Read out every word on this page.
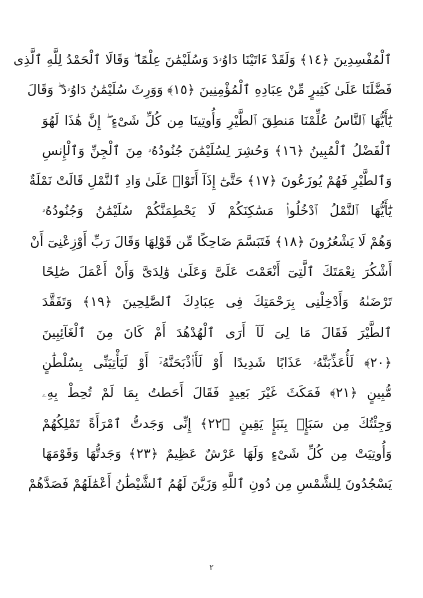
ٱلْمُفْسِدِينَ ﴿١٤﴾ وَلَقَدْ ءَاتَيْنَا دَاوُۥدَ وَسُلَيْمَٰنَ عِلْمًا ۖ وَقَالَا ٱلْحَمْدُ لِلَّهِ ٱلَّذِى
فَضَّلَنَا عَلَىٰ كَثِيرٍ مِّنْ عِبَادِهِ ٱلْمُؤْمِنِينَ ﴿١٥﴾ وَوَرِثَ سُلَيْمَٰنُ دَاوُۥدَ ۖ وَقَالَ
يَٰٓأَيُّهَا ٱلنَّاسُ عُلِّمْنَا مَنطِقَ ٱلطَّيْرِ وَأُوتِينَا مِن كُلِّ شَىْءٍ ۖ إِنَّ هَٰذَا لَهُوَ
ٱلْفَضْلُ ٱلْمُبِينُ ﴿١٦﴾ وَحُشِرَ لِسُلَيْمَٰنَ جُنُودُهُۥ مِنَ ٱلْجِنِّ وَٱلْإِنسِ
وَٱلطَّيْرِ فَهُمْ يُوزَعُونَ ﴿١٧﴾ حَتَّىٰٓ إِذَآ أَتَوْا۟ عَلَىٰ وَادِ ٱلنَّمْلِ قَالَتْ نَمْلَةٌ
يَٰٓأَيُّهَا ٱلنَّمْلُ ٱدْخُلُوا۟ مَسَٰكِنَكُمْ لَا يَحْطِمَنَّكُمْ سُلَيْمَٰنُ وَجُنُودُهُۥ
وَهُمْ لَا يَشْعُرُونَ ﴿١٨﴾ فَتَبَسَّمَ ضَاحِكًا مِّن قَوْلِهَا وَقَالَ رَبِّ أَوْزِعْنِىٓ أَنْ
أَشْكُرَ نِعْمَتَكَ ٱلَّتِىٓ أَنْعَمْتَ عَلَىَّ وَعَلَىٰ وَٰلِدَىَّ وَأَنْ أَعْمَلَ صَٰلِحًا
تَرْضَىٰهُ وَأَدْخِلْنِى بِرَحْمَتِكَ فِى عِبَادِكَ ٱلصَّٰلِحِينَ ﴿١٩﴾ وَتَفَقَّدَ
ٱلطَّيْرَ فَقَالَ مَا لِىَ لَآ أَرَى ٱلْهُدْهُدَ أَمْ كَانَ مِنَ ٱلْغَآئِبِينَ
﴿٢٠﴾ لَأُعَذِّبَنَّهُۥ عَذَابًا شَدِيدًا أَوْ لَأَا۟ذْبَحَنَّهُۥٓ أَوْ لَيَأْتِيَنِّى بِسُلْطَٰنٍ
مُّبِينٍ ﴿٢١﴾ فَمَكَثَ غَيْرَ بَعِيدٍ فَقَالَ أَحَطتُ بِمَا لَمْ تُحِطْ بِهِۦ
وَجِئْتُكَ مِن سَبَإٍۭ بِنَبَإٍ يَقِينٍ ﴿٢٢﴾ إِنِّى وَجَدتُّ ٱمْرَأَةً تَمْلِكُهُمْ
وَأُوتِيَتْ مِن كُلِّ شَىْءٍ وَلَهَا عَرْشٌ عَظِيمٌ ﴿٢٣﴾ وَجَدتُّهَا وَقَوْمَهَا
يَسْجُدُونَ لِلشَّمْسِ مِن دُونِ ٱللَّهِ وَزَيَّنَ لَهُمُ ٱلشَّيْطَٰنُ أَعْمَٰلَهُمْ فَصَدَّهُمْ
٢
